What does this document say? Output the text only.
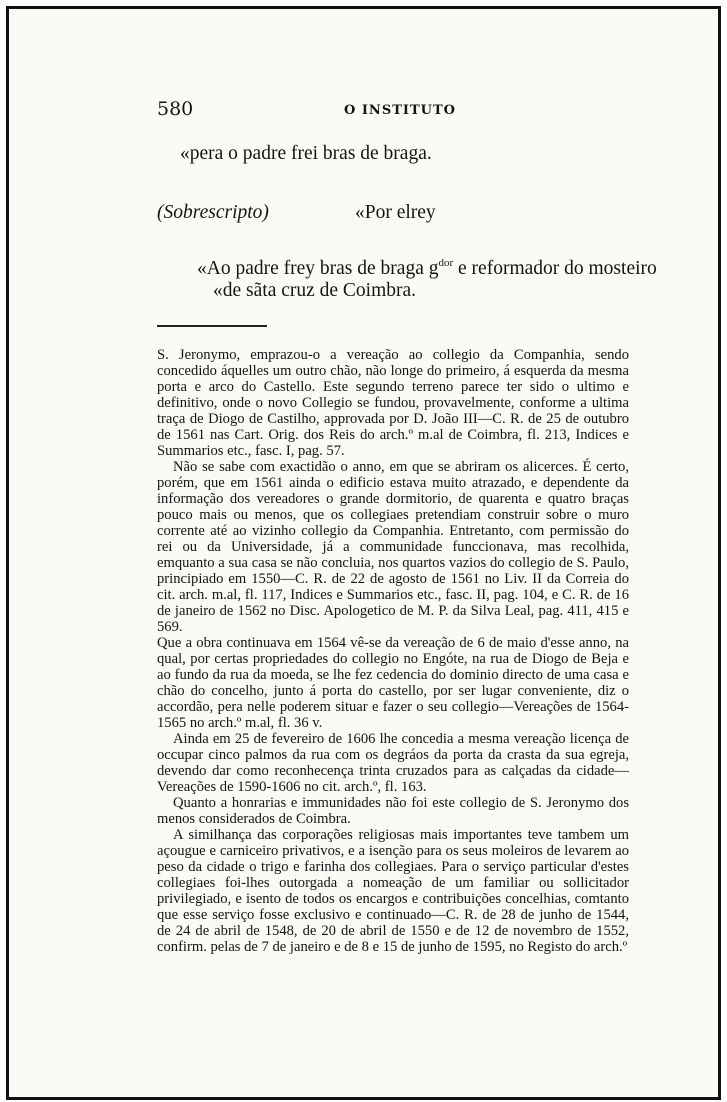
580	O INSTITUTO
«pera o padre frei bras de braga.
(Sobrescripto)	«Por elrey
«Ao padre frey bras de braga $g^{dor}$ e reformador do mosteiro
«de sãta cruz de Coimbra.

S. Jeronymo, emprazou-o a vereação ao collegio da Companhia, sendo concedido áquelles um outro chão, não longe do primeiro, á esquerda da mesma porta e arco do Castello. Este segundo terreno parece ter sido o ultimo e definitivo, onde o novo Collegio se fundou, provavelmente, conforme a ultima traça de Diogo de Castilho, approvada por D. João III—C. R. de 25 de outubro de 1561 nas Cart. Orig. dos Reis do arch.º m.al de Coimbra, fl. 213, Indices e Summarios etc., fasc. I, pag. 57.

Não se sabe com exactidão o anno, em que se abriram os alicerces. É certo, porém, que em 1561 ainda o edificio estava muito atrazado, e dependente da informação dos vereadores o grande dormitorio, de quarenta e quatro braças pouco mais ou menos, que os collegiaes pretendiam construir sobre o muro corrente até ao vizinho collegio da Companhia. Entretanto, com permissão do rei ou da Universidade, já a communidade funccionava, mas recolhida, emquanto a sua casa se não concluia, nos quartos vazios do collegio de S. Paulo, principiado em 1550—C. R. de 22 de agosto de 1561 no Liv. II da Correia do cit. arch. m.al, fl. 117, Indices e Summarios etc., fasc. II, pag. 104, e C. R. de 16 de janeiro de 1562 no Disc. Apologetico de M. P. da Silva Leal, pag. 411, 415 e 569.

Que a obra continuava em 1564 vê-se da vereação de 6 de maio d'esse anno, na qual, por certas propriedades do collegio no Engóte, na rua de Diogo de Beja e ao fundo da rua da moeda, se lhe fez cedencia do dominio directo de uma casa e chão do concelho, junto á porta do castello, por ser lugar conveniente, diz o accordão, pera nelle poderem situar e fazer o seu collegio—Vereações de 1564-1565 no arch.º m.al, fl. 36 v.

Ainda em 25 de fevereiro de 1606 lhe concedia a mesma vereação licença de occupar cinco palmos da rua com os degráos da porta da crasta da sua egreja, devendo dar como reconhecença trinta cruzados para as calçadas da cidade—Vereações de 1590-1606 no cit. arch.º, fl. 163.

Quanto a honrarias e immunidades não foi este collegio de S. Jeronymo dos menos considerados de Coimbra.

A similhança das corporações religiosas mais importantes teve tambem um açougue e carniceiro privativos, e a isenção para os seus moleiros de levarem ao peso da cidade o trigo e farinha dos collegiaes. Para o serviço particular d'estes collegiaes foi-lhes outorgada a nomeação de um familiar ou sollicitador privilegiado, e isento de todos os encargos e contribuições concelhias, comtanto que esse serviço fosse exclusivo e continuado—C. R. de 28 de junho de 1544, de 24 de abril de 1548, de 20 de abril de 1550 e de 12 de novembro de 1552, confirm. pelas de 7 de janeiro e de 8 e 15 de junho de 1595, no Registo do arch.º
